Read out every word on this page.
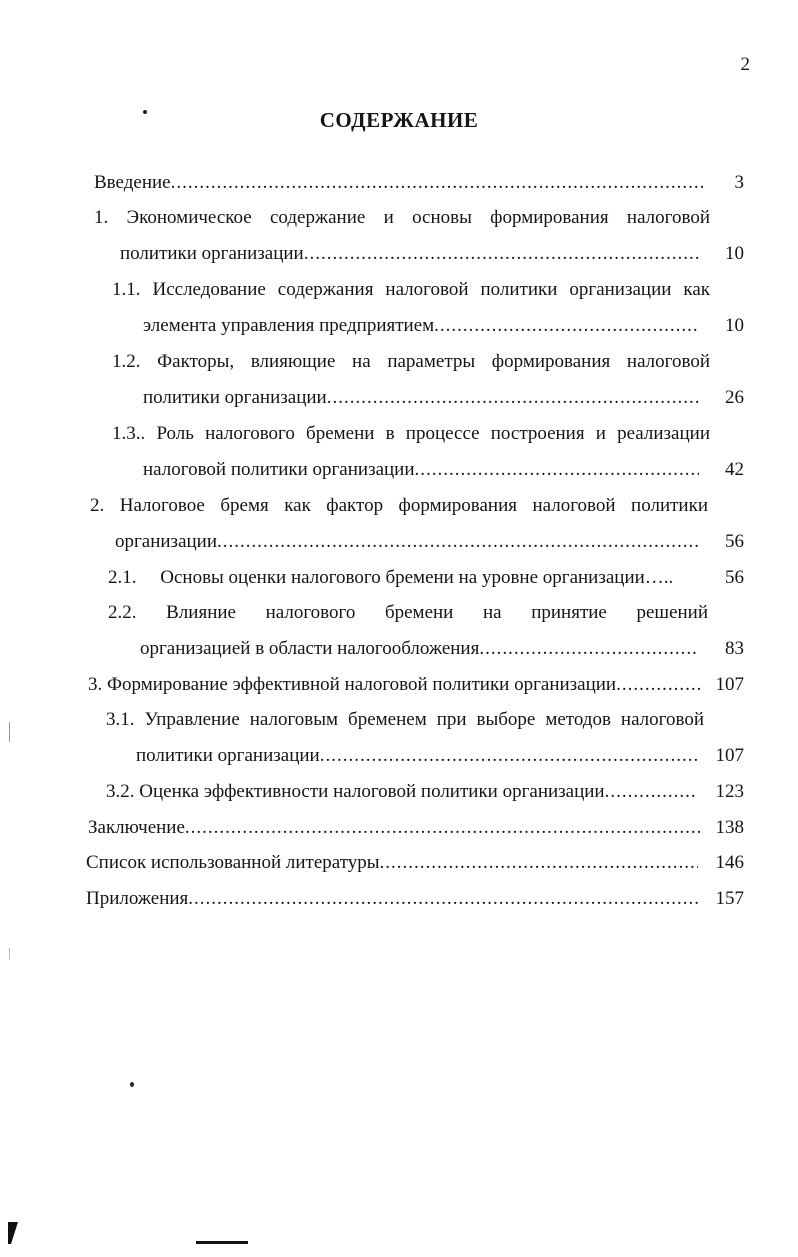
2
СОДЕРЖАНИЕ
Введение .....	3
1. Экономическое содержание и основы формирования налоговой
политики организации .....	10
1.1. Исследование содержания налоговой политики организации как
элемента управления предприятием .....	10
1.2. Факторы, влияющие на параметры формирования налоговой
политики организации .....	26
1.3.. Роль налогового бремени в процессе построения и реализации
налоговой политики организации .....	42
2. Налоговое бремя как фактор формирования налоговой политики
организации .....	56
2.1.     Основы оценки налогового бремени на уровне организации…..	56
2.2. Влияние налогового бремени на принятие решений
организацией в области налогообложения .....	83
3. Формирование эффективной налоговой политики организации .....	107
3.1. Управление налоговым бременем при выборе методов налоговой
политики организации .....	107
3.2. Оценка эффективности налоговой политики организации .....	123
Заключение .....	138
Список использованной литературы .....	146
Приложения .....	157
